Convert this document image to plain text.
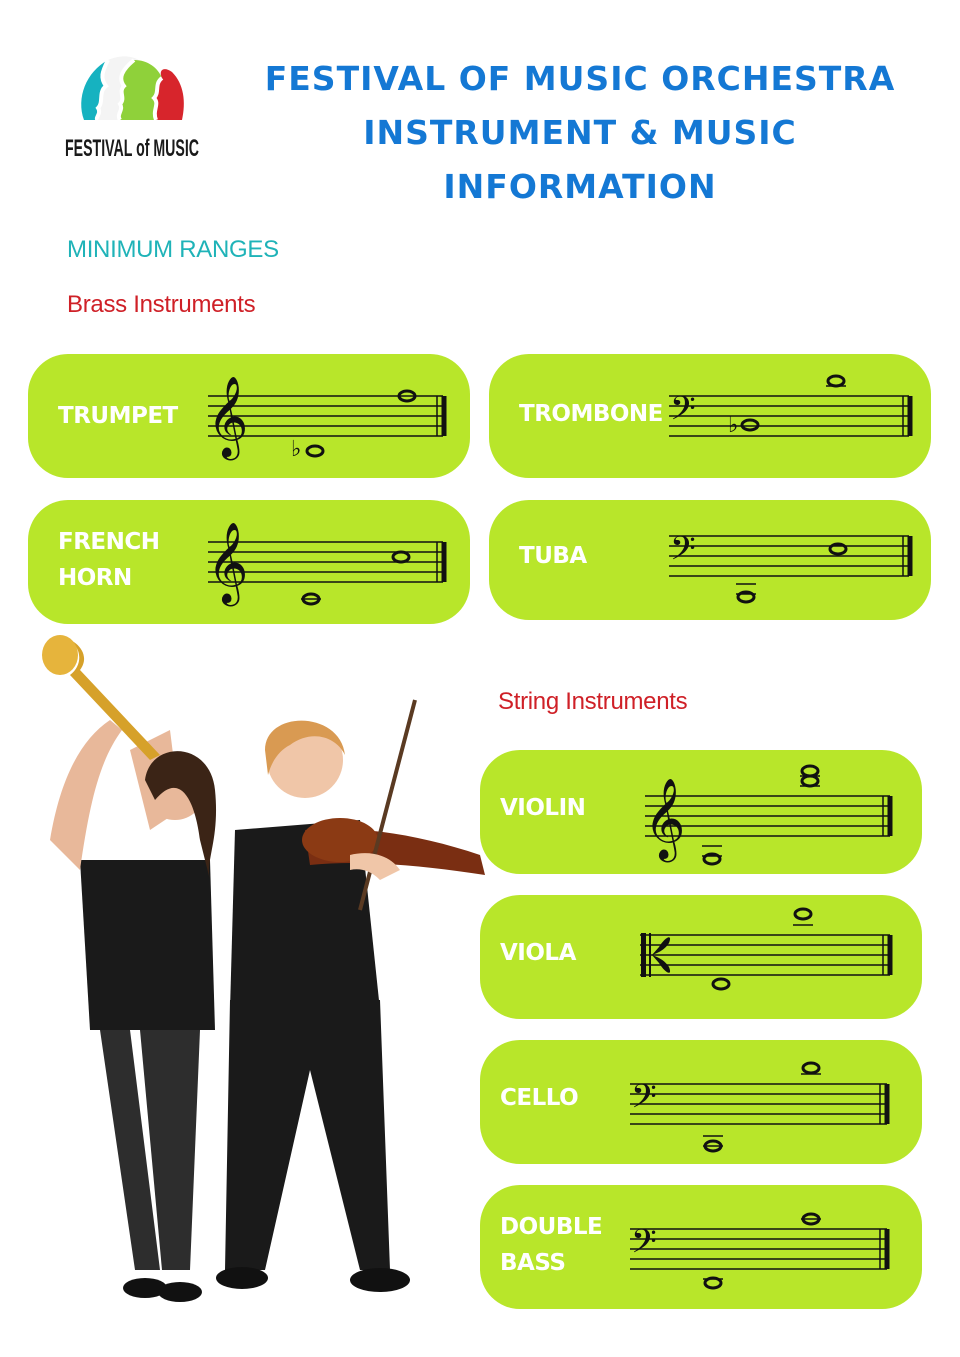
FESTIVAL of MUSIC
FESTIVAL OF MUSIC ORCHESTRA
INSTRUMENT & MUSIC
INFORMATION
MINIMUM RANGES
Brass Instruments
String Instruments
TRUMPET 𝄞 ♭
TROMBONE 𝄢 ♭
FRENCH
HORN	𝄞	TUBA 𝄢
VIOLIN 𝄞
VIOLA
CELLO 𝄢
DOUBLE
BASS	𝄢
